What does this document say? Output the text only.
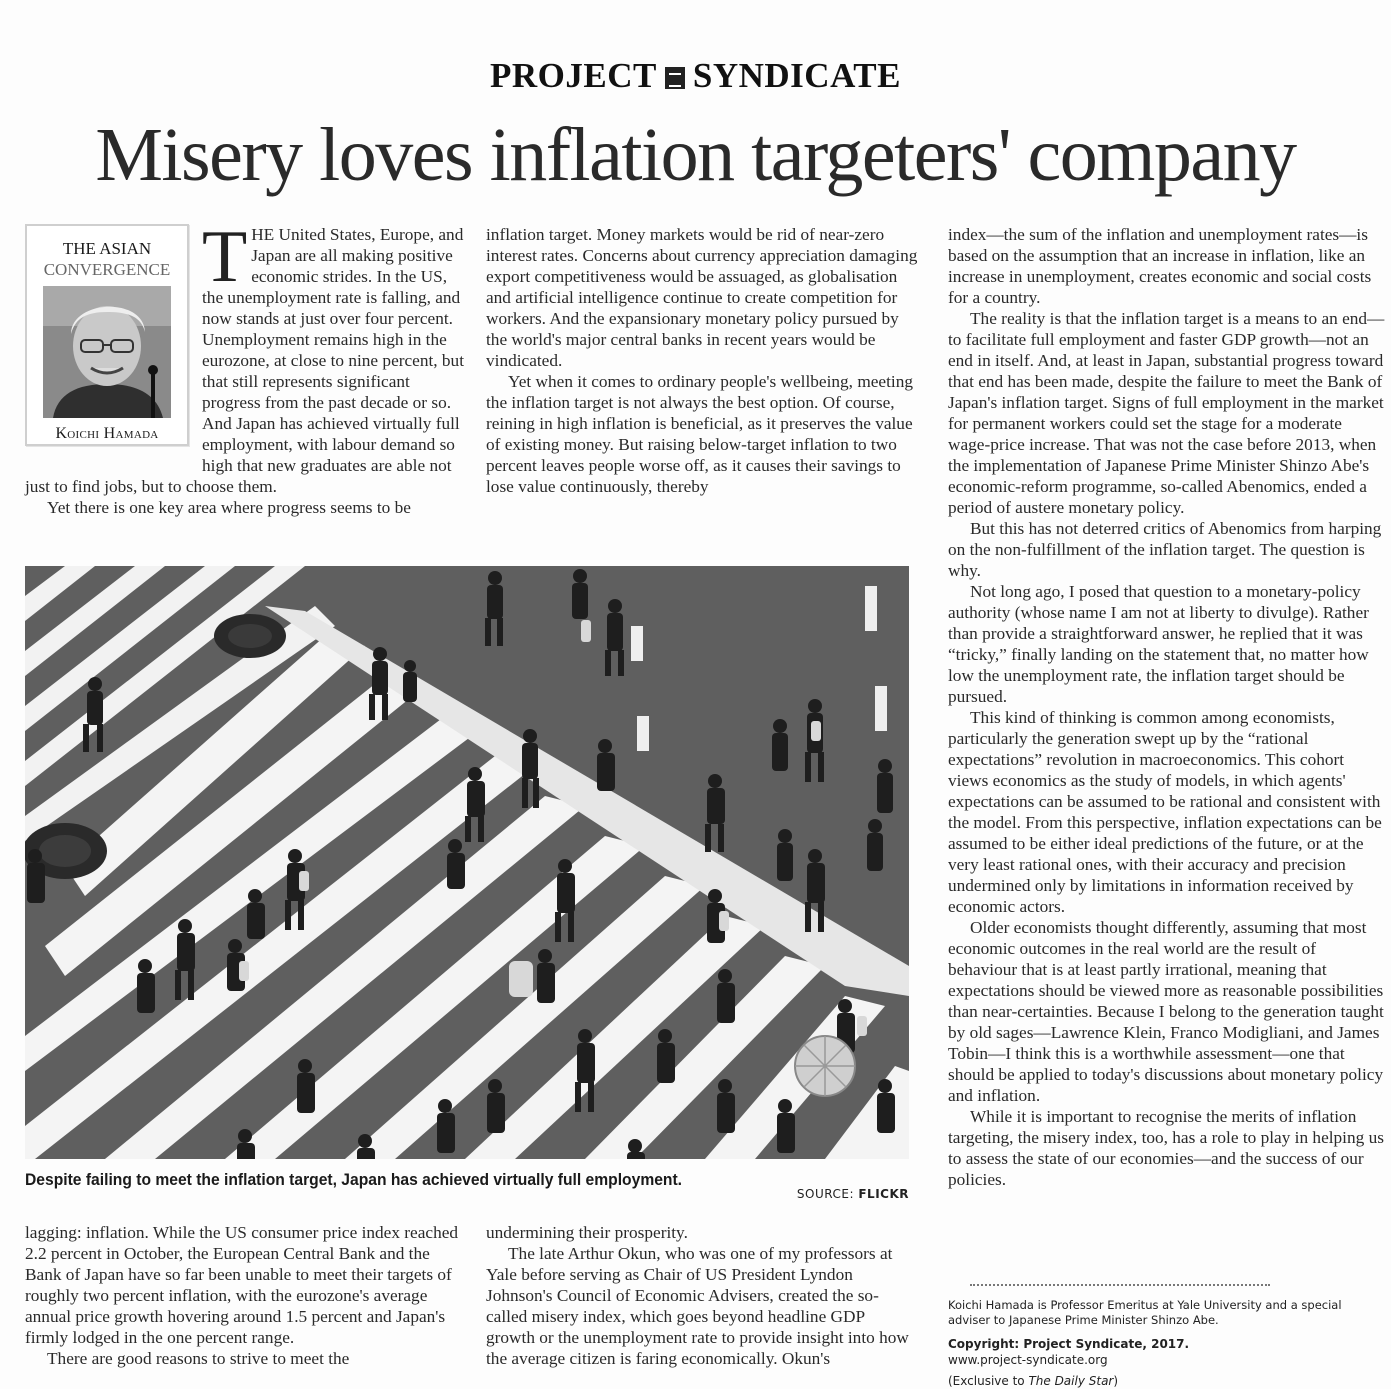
PROJECT SYNDICATE
Misery loves inflation targeters' company
THE ASIAN
CONVERGENCE
Koichi Hamada

THE United States, Europe, and Japan are all making positive economic strides. In the US, the unemployment rate is falling, and now stands at just over four percent. Unemployment remains high in the eurozone, at close to nine percent, but that still represents significant progress from the past decade or so. And Japan has achieved virtually full employment, with labour demand so high that new graduates are able not just to find jobs, but to choose them.

Yet there is one key area where progress seems to be

inflation target. Money markets would be rid of near-zero interest rates. Concerns about currency appreciation damaging export competitiveness would be assuaged, as globalisation and artificial intelligence continue to create competition for workers. And the expansionary monetary policy pursued by the world's major central banks in recent years would be vindicated.

Yet when it comes to ordinary people's wellbeing, meeting the inflation target is not always the best option. Of course, reining in high inflation is beneficial, as it preserves the value of existing money. But raising below-target inflation to two percent leaves people worse off, as it causes their savings to lose value continuously, thereby

index—the sum of the inflation and unemployment rates—is based on the assumption that an increase in inflation, like an increase in unemployment, creates economic and social costs for a country.

The reality is that the inflation target is a means to an end—to facilitate full employment and faster GDP growth—not an end in itself. And, at least in Japan, substantial progress toward that end has been made, despite the failure to meet the Bank of Japan's inflation target. Signs of full employment in the market for permanent workers could set the stage for a moderate wage-price increase. That was not the case before 2013, when the implementation of Japanese Prime Minister Shinzo Abe's economic-reform programme, so-called Abenomics, ended a period of austere monetary policy.

But this has not deterred critics of Abenomics from harping on the non-fulfillment of the inflation target. The question is why.

Not long ago, I posed that question to a monetary-policy authority (whose name I am not at liberty to divulge). Rather than provide a straightforward answer, he replied that it was “tricky,” finally landing on the statement that, no matter how low the unemployment rate, the inflation target should be pursued.

This kind of thinking is common among economists, particularly the generation swept up by the “rational expectations” revolution in macroeconomics. This cohort views economics as the study of models, in which agents' expectations can be assumed to be rational and consistent with the model. From this perspective, inflation expectations can be assumed to be either ideal predictions of the future, or at the very least rational ones, with their accuracy and precision undermined only by limitations in information received by economic actors.

Older economists thought differently, assuming that most economic outcomes in the real world are the result of behaviour that is at least partly irrational, meaning that expectations should be viewed more as reasonable possibilities than near-certainties. Because I belong to the generation taught by old sages—Lawrence Klein, Franco Modigliani, and James Tobin—I think this is a worthwhile assessment—one that should be applied to today's discussions about monetary policy and inflation.

While it is important to recognise the merits of inflation targeting, the misery index, too, has a role to play in helping us to assess the state of our economies—and the success of our policies.

Despite failing to meet the inflation target, Japan has achieved virtually full employment.
SOURCE: FLICKR

lagging: inflation. While the US consumer price index reached 2.2 percent in October, the European Central Bank and the Bank of Japan have so far been unable to meet their targets of roughly two percent inflation, with the eurozone's average annual price growth hovering around 1.5 percent and Japan's firmly lodged in the one percent range.

There are good reasons to strive to meet the

undermining their prosperity.

The late Arthur Okun, who was one of my professors at Yale before serving as Chair of US President Lyndon Johnson's Council of Economic Advisers, created the so-called misery index, which goes beyond headline GDP growth or the unemployment rate to provide insight into how the average citizen is faring economically. Okun's

Koichi Hamada is Professor Emeritus at Yale University and a special adviser to Japanese Prime Minister Shinzo Abe.
Copyright: Project Syndicate, 2017.
www.project-syndicate.org
(Exclusive to The Daily Star)
